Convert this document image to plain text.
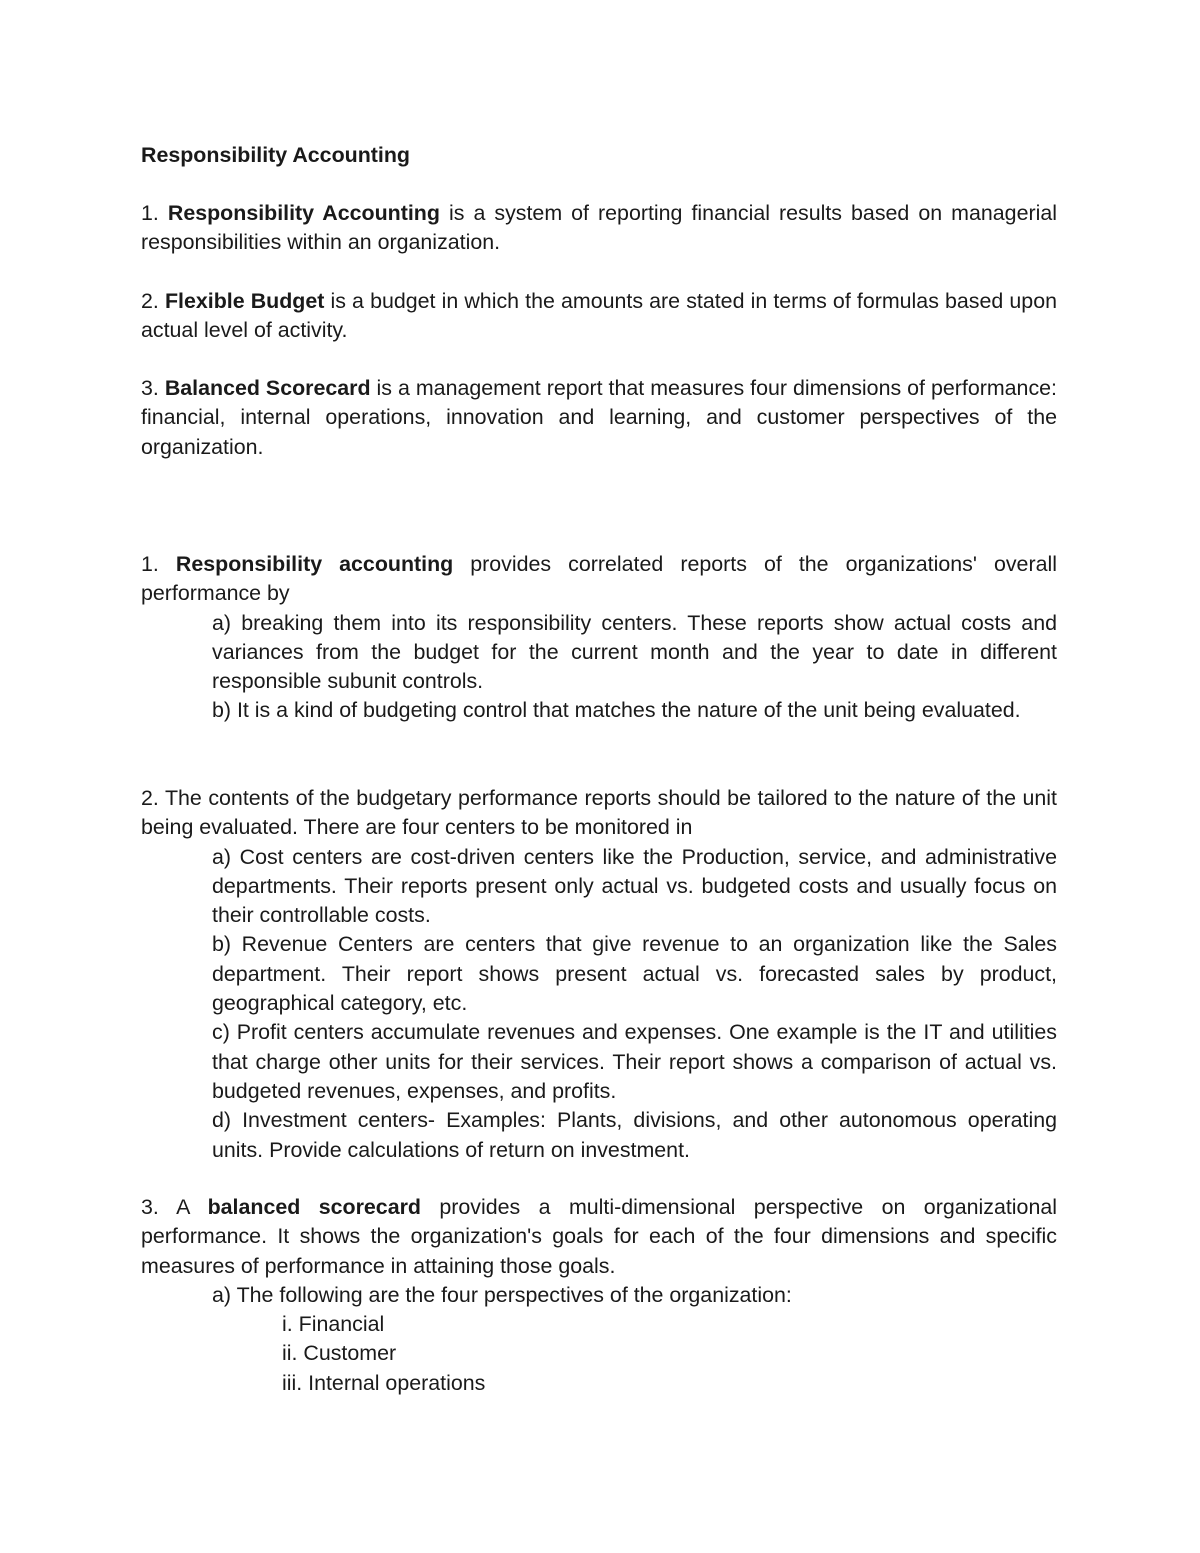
Responsibility Accounting

1. Responsibility Accounting is a system of reporting financial results based on managerial responsibilities within an organization.

2. Flexible Budget is a budget in which the amounts are stated in terms of formulas based upon actual level of activity.

3. Balanced Scorecard is a management report that measures four dimensions of performance: financial, internal operations, innovation and learning, and customer perspectives of the organization.

1. Responsibility accounting provides correlated reports of the organizations' overall performance by

a) breaking them into its responsibility centers. These reports show actual costs and variances from the budget for the current month and the year to date in different responsible subunit controls.

b) It is a kind of budgeting control that matches the nature of the unit being evaluated.

2. The contents of the budgetary performance reports should be tailored to the nature of the unit being evaluated. There are four centers to be monitored in

a) Cost centers are cost-driven centers like the Production, service, and administrative departments. Their reports present only actual vs. budgeted costs and usually focus on their controllable costs.

b) Revenue Centers are centers that give revenue to an organization like the Sales department. Their report shows present actual vs. forecasted sales by product, geographical category, etc.

c) Profit centers accumulate revenues and expenses. One example is the IT and utilities that charge other units for their services. Their report shows a comparison of actual vs. budgeted revenues, expenses, and profits.

d) Investment centers- Examples: Plants, divisions, and other autonomous operating units. Provide calculations of return on investment.

3. A balanced scorecard provides a multi-dimensional perspective on organizational performance. It shows the organization's goals for each of the four dimensions and specific measures of performance in attaining those goals.

a) The following are the four perspectives of the organization:

i. Financial

ii. Customer

iii. Internal operations
